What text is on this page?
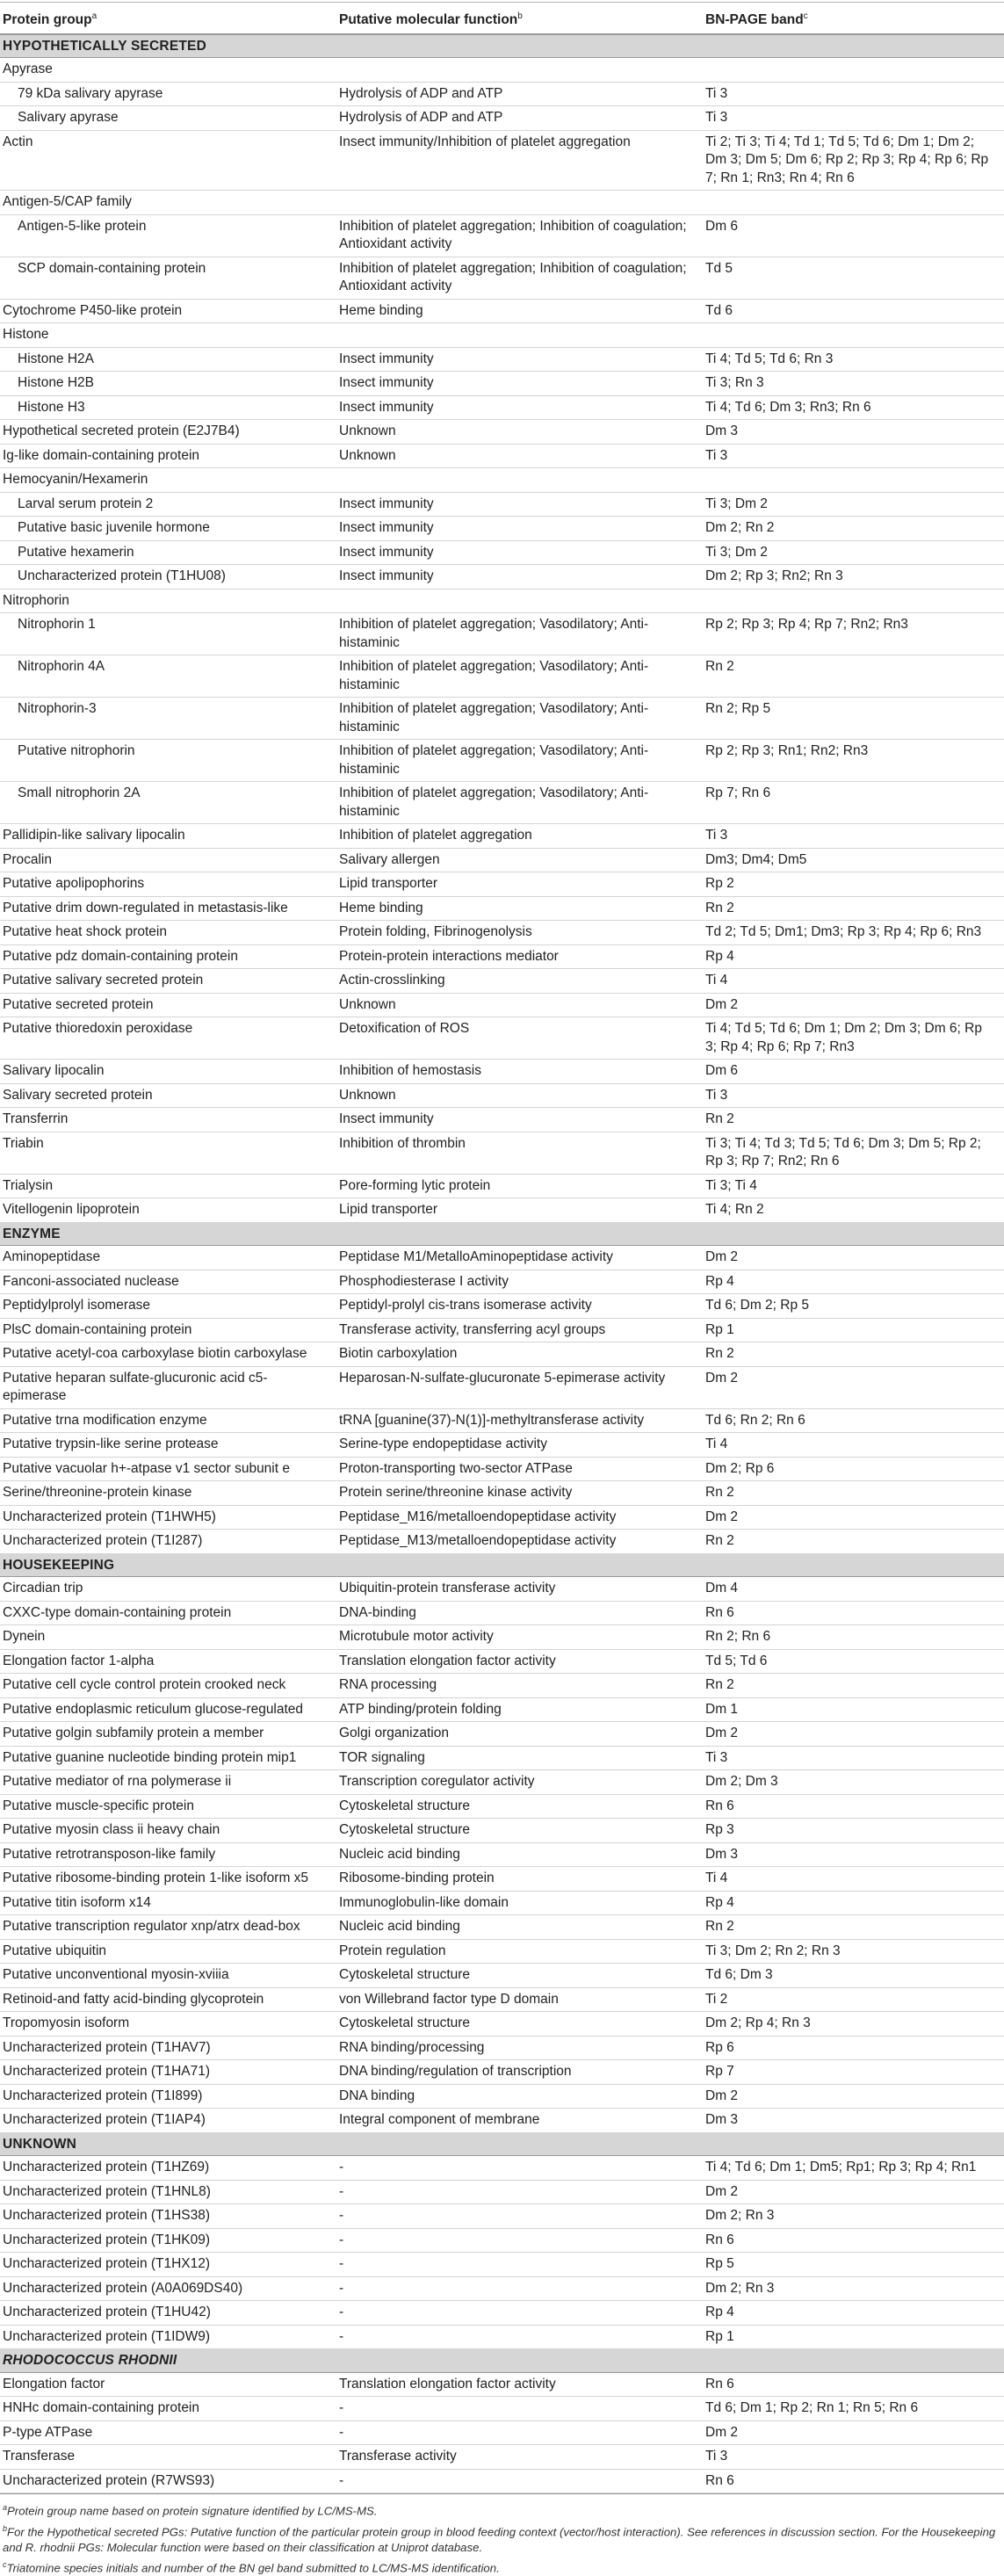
Protein group$^a$	Putative molecular function$^b$	BN-PAGE band$^c$
HYPOTHETICALLY SECRETED		
Apyrase		
79 kDa salivary apyrase	Hydrolysis of ADP and ATP	Ti 3
Salivary apyrase	Hydrolysis of ADP and ATP	Ti 3
Actin	Insect immunity/Inhibition of platelet aggregation	Ti 2; Ti 3; Ti 4; Td 1; Td 5; Td 6; Dm 1; Dm 2; Dm 3; Dm 5; Dm 6; Rp 2; Rp 3; Rp 4; Rp 6; Rp 7; Rn 1; Rn3; Rn 4; Rn 6
Antigen-5/CAP family		
Antigen-5-like protein	Inhibition of platelet aggregation; Inhibition of coagulation; Antioxidant activity	Dm 6
SCP domain-containing protein	Inhibition of platelet aggregation; Inhibition of coagulation; Antioxidant activity	Td 5
Cytochrome P450-like protein	Heme binding	Td 6
Histone		
Histone H2A	Insect immunity	Ti 4; Td 5; Td 6; Rn 3
Histone H2B	Insect immunity	Ti 3; Rn 3
Histone H3	Insect immunity	Ti 4; Td 6; Dm 3; Rn3; Rn 6
Hypothetical secreted protein (E2J7B4)	Unknown	Dm 3
Ig-like domain-containing protein	Unknown	Ti 3
Hemocyanin/Hexamerin		
Larval serum protein 2	Insect immunity	Ti 3; Dm 2
Putative basic juvenile hormone	Insect immunity	Dm 2; Rn 2
Putative hexamerin	Insect immunity	Ti 3; Dm 2
Uncharacterized protein (T1HU08)	Insect immunity	Dm 2; Rp 3; Rn2; Rn 3
Nitrophorin		
Nitrophorin 1	Inhibition of platelet aggregation; Vasodilatory; Anti-histaminic	Rp 2; Rp 3; Rp 4; Rp 7; Rn2; Rn3
Nitrophorin 4A	Inhibition of platelet aggregation; Vasodilatory; Anti-histaminic	Rn 2
Nitrophorin-3	Inhibition of platelet aggregation; Vasodilatory; Anti-histaminic	Rn 2; Rp 5
Putative nitrophorin	Inhibition of platelet aggregation; Vasodilatory; Anti-histaminic	Rp 2; Rp 3; Rn1; Rn2; Rn3
Small nitrophorin 2A	Inhibition of platelet aggregation; Vasodilatory; Anti-histaminic	Rp 7; Rn 6
Pallidipin-like salivary lipocalin	Inhibition of platelet aggregation	Ti 3
Procalin	Salivary allergen	Dm3; Dm4; Dm5
Putative apolipophorins	Lipid transporter	Rp 2
Putative drim down-regulated in metastasis-like	Heme binding	Rn 2
Putative heat shock protein	Protein folding, Fibrinogenolysis	Td 2; Td 5; Dm1; Dm3; Rp 3; Rp 4; Rp 6; Rn3
Putative pdz domain-containing protein	Protein-protein interactions mediator	Rp 4
Putative salivary secreted protein	Actin-crosslinking	Ti 4
Putative secreted protein	Unknown	Dm 2
Putative thioredoxin peroxidase	Detoxification of ROS	Ti 4; Td 5; Td 6; Dm 1; Dm 2; Dm 3; Dm 6; Rp 3; Rp 4; Rp 6; Rp 7; Rn3
Salivary lipocalin	Inhibition of hemostasis	Dm 6
Salivary secreted protein	Unknown	Ti 3
Transferrin	Insect immunity	Rn 2
Triabin	Inhibition of thrombin	Ti 3; Ti 4; Td 3; Td 5; Td 6; Dm 3; Dm 5; Rp 2; Rp 3; Rp 7; Rn2; Rn 6
Trialysin	Pore-forming lytic protein	Ti 3; Ti 4
Vitellogenin lipoprotein	Lipid transporter	Ti 4; Rn 2
ENZYME		
Aminopeptidase	Peptidase M1/MetalloAminopeptidase activity	Dm 2
Fanconi-associated nuclease	Phosphodiesterase I activity	Rp 4
Peptidylprolyl isomerase	Peptidyl-prolyl cis-trans isomerase activity	Td 6; Dm 2; Rp 5
PlsC domain-containing protein	Transferase activity, transferring acyl groups	Rp 1
Putative acetyl-coa carboxylase biotin carboxylase	Biotin carboxylation	Rn 2
Putative heparan sulfate-glucuronic acid c5-epimerase	Heparosan-N-sulfate-glucuronate 5-epimerase activity	Dm 2
Putative trna modification enzyme	tRNA [guanine(37)-N(1)]-methyltransferase activity	Td 6; Rn 2; Rn 6
Putative trypsin-like serine protease	Serine-type endopeptidase activity	Ti 4
Putative vacuolar h+-atpase v1 sector subunit e	Proton-transporting two-sector ATPase	Dm 2; Rp 6
Serine/threonine-protein kinase	Protein serine/threonine kinase activity	Rn 2
Uncharacterized protein (T1HWH5)	Peptidase_M16/metalloendopeptidase activity	Dm 2
Uncharacterized protein (T1I287)	Peptidase_M13/metalloendopeptidase activity	Rn 2
HOUSEKEEPING		
Circadian trip	Ubiquitin-protein transferase activity	Dm 4
CXXC-type domain-containing protein	DNA-binding	Rn 6
Dynein	Microtubule motor activity	Rn 2; Rn 6
Elongation factor 1-alpha	Translation elongation factor activity	Td 5; Td 6
Putative cell cycle control protein crooked neck	RNA processing	Rn 2
Putative endoplasmic reticulum glucose-regulated	ATP binding/protein folding	Dm 1
Putative golgin subfamily protein a member	Golgi organization	Dm 2
Putative guanine nucleotide binding protein mip1	TOR signaling	Ti 3
Putative mediator of rna polymerase ii	Transcription coregulator activity	Dm 2; Dm 3
Putative muscle-specific protein	Cytoskeletal structure	Rn 6
Putative myosin class ii heavy chain	Cytoskeletal structure	Rp 3
Putative retrotransposon-like family	Nucleic acid binding	Dm 3
Putative ribosome-binding protein 1-like isoform x5	Ribosome-binding protein	Ti 4
Putative titin isoform x14	Immunoglobulin-like domain	Rp 4
Putative transcription regulator xnp/atrx dead-box	Nucleic acid binding	Rn 2
Putative ubiquitin	Protein regulation	Ti 3; Dm 2; Rn 2; Rn 3
Putative unconventional myosin-xviiia	Cytoskeletal structure	Td 6; Dm 3
Retinoid-and fatty acid-binding glycoprotein	von Willebrand factor type D domain	Ti 2
Tropomyosin isoform	Cytoskeletal structure	Dm 2; Rp 4; Rn 3
Uncharacterized protein (T1HAV7)	RNA binding/processing	Rp 6
Uncharacterized protein (T1HA71)	DNA binding/regulation of transcription	Rp 7
Uncharacterized protein (T1I899)	DNA binding	Dm 2
Uncharacterized protein (T1IAP4)	Integral component of membrane	Dm 3
UNKNOWN		
Uncharacterized protein (T1HZ69)	-	Ti 4; Td 6; Dm 1; Dm5; Rp1; Rp 3; Rp 4; Rn1
Uncharacterized protein (T1HNL8)	-	Dm 2
Uncharacterized protein (T1HS38)	-	Dm 2; Rn 3
Uncharacterized protein (T1HK09)	-	Rn 6
Uncharacterized protein (T1HX12)	-	Rp 5
Uncharacterized protein (A0A069DS40)	-	Dm 2; Rn 3
Uncharacterized protein (T1HU42)	-	Rp 4
Uncharacterized protein (T1IDW9)	-	Rp 1
RHODOCOCCUS RHODNII		
Elongation factor	Translation elongation factor activity	Rn 6
HNHc domain-containing protein	-	Td 6; Dm 1; Rp 2; Rn 1; Rn 5; Rn 6
P-type ATPase	-	Dm 2
Transferase	Transferase activity	Ti 3
Uncharacterized protein (R7WS93)	-	Rn 6

$^a$Protein group name based on protein signature identified by LC/MS-MS.

$^b$For the Hypothetical secreted PGs: Putative function of the particular protein group in blood feeding context (vector/host interaction). See references in discussion section. For the Housekeeping and R. rhodnii PGs: Molecular function were based on their classification at Uniprot database.

$^c$Triatomine species initials and number of the BN gel band submitted to LC/MS-MS identification.
